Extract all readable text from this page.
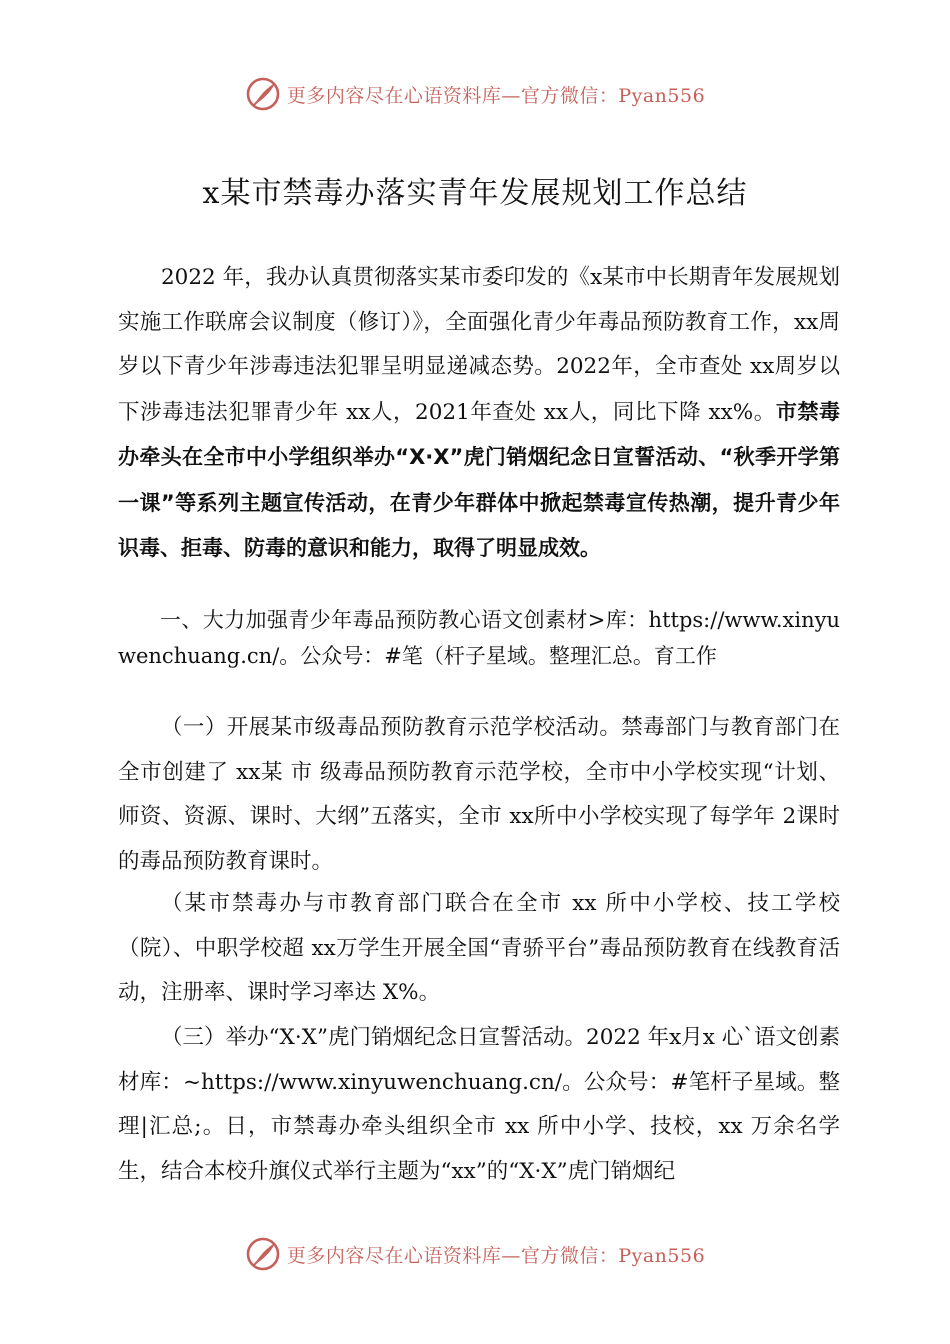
更多内容尽在心语资料库—官方微信：Pyan556
x某市禁毒办落实青年发展规划工作总结

2022 年，我办认真贯彻落实某市委印发的《x某市中长期青年发展规划实施工作联席会议制度（修订）》，全面强化青少年毒品预防教育工作，xx周岁以下青少年涉毒违法犯罪呈明显递减态势。2022年，全市查处 xx周岁以下涉毒违法犯罪青少年 xx人，2021年查处 xx人，同比下降 xx%。市禁毒办牵头在全市中小学组织举办“X·X”虎门销烟纪念日宣誓活动、“秋季开学第一课”等系列主题宣传活动，在青少年群体中掀起禁毒宣传热潮，提升青少年识毒、拒毒、防毒的意识和能力，取得了明显成效。

一、大力加强青少年毒品预防教心语文创素材>库：https://www.xinyuwenchuang.cn/。公众号：#笔（杆子星域。整理汇总。育工作

（一）开展某市级毒品预防教育示范学校活动。禁毒部门与教育部门在全市创建了 xx某 市 级毒品预防教育示范学校，全市中小学校实现“计划、师资、资源、课时、大纲”五落实，全市 xx所中小学校实现了每学年 2课时的毒品预防教育课时。

（某市禁毒办与市教育部门联合在全市 xx 所中小学校、技工学校（院）、中职学校超 xx万学生开展全国“青骄平台”毒品预防教育在线教育活动，注册率、课时学习率达 X%。

（三）举办“X·X”虎门销烟纪念日宣誓活动。2022 年x月x 心`语文创素材库：~https://www.xinyuwenchuang.cn/。公众号：#笔杆子星域。整理|汇总;。日，市禁毒办牵头组织全市 xx 所中小学、技校，xx 万余名学生，结合本校升旗仪式举行主题为“xx”的“X·X”虎门销烟纪

更多内容尽在心语资料库—官方微信：Pyan556
